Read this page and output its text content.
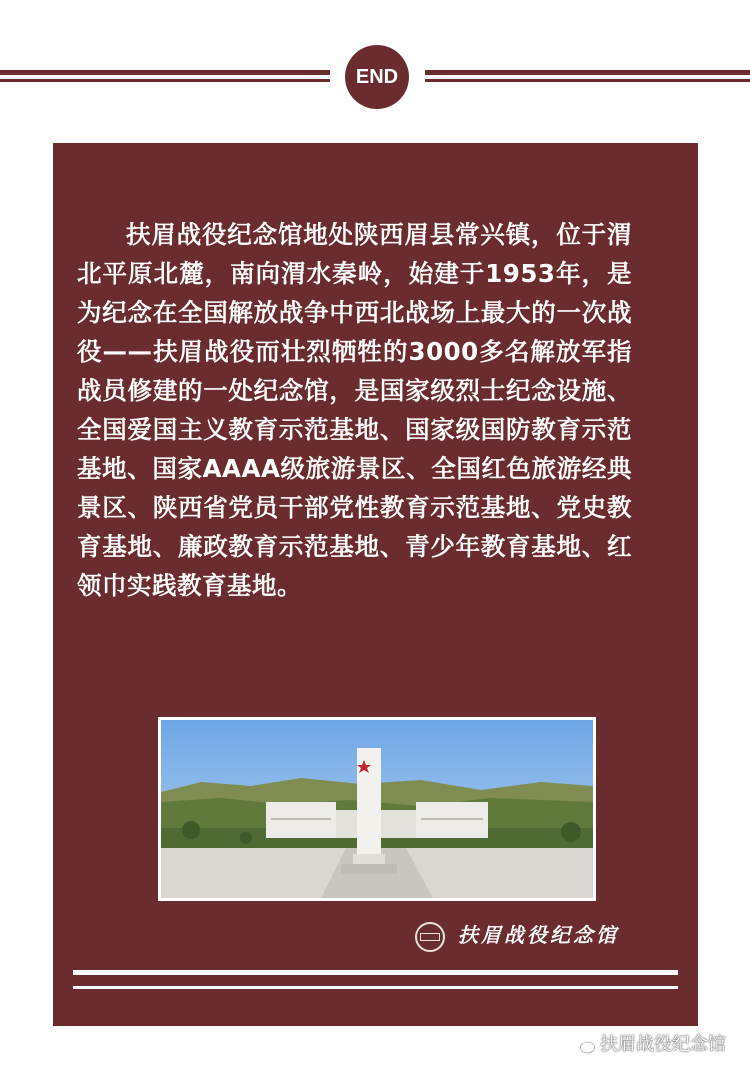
END
扶眉战役纪念馆地处陕西眉县常兴镇，位于渭北平原北麓，南向渭水秦岭，始建于1953年，是为纪念在全国解放战争中西北战场上最大的一次战役——扶眉战役而壮烈牺牲的3000多名解放军指战员修建的一处纪念馆，是国家级烈士纪念设施、全国爱国主义教育示范基地、国家级国防教育示范基地、国家AAAA级旅游景区、全国红色旅游经典景区、陕西省党员干部党性教育示范基地、党史教育基地、廉政教育示范基地、青少年教育基地、红领巾实践教育基地。
扶眉战役纪念馆
扶眉战役纪念馆
